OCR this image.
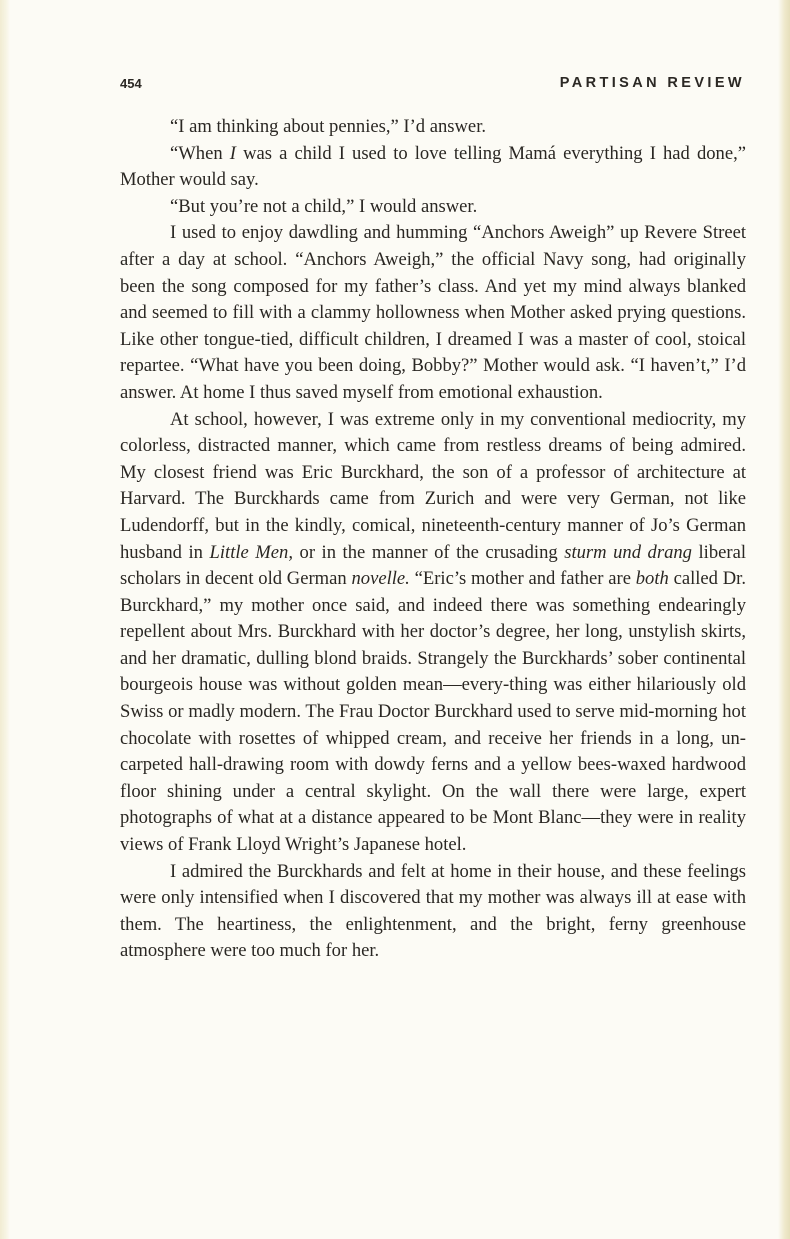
454	PARTISAN REVIEW

“I am thinking about pennies,” I’d answer.

“When I was a child I used to love telling Mamá everything I had done,” Mother would say.

“But you’re not a child,” I would answer.

I used to enjoy dawdling and humming “Anchors Aweigh” up Revere Street after a day at school. “Anchors Aweigh,” the official Navy song, had originally been the song composed for my father’s class. And yet my mind always blanked and seemed to fill with a clammy hollowness when Mother asked prying questions. Like other tongue-tied, difficult children, I dreamed I was a master of cool, stoical repartee. “What have you been doing, Bobby?” Mother would ask. “I haven’t,” I’d answer. At home I thus saved myself from emotional exhaustion.

At school, however, I was extreme only in my conventional mediocrity, my colorless, distracted manner, which came from restless dreams of being admired. My closest friend was Eric Burckhard, the son of a professor of architecture at Harvard. The Burckhards came from Zurich and were very German, not like Ludendorff, but in the kindly, comical, nineteenth-century manner of Jo’s German husband in Little Men, or in the manner of the crusading sturm und drang liberal scholars in decent old German novelle. “Eric’s mother and father are both called Dr. Burckhard,” my mother once said, and indeed there was something endearingly repellent about Mrs. Burckhard with her doctor’s degree, her long, unstylish skirts, and her dramatic, dulling blond braids. Strangely the Burckhards’ sober continental bourgeois house was without golden mean—every-thing was either hilariously old Swiss or madly modern. The Frau Doctor Burckhard used to serve mid-morning hot chocolate with rosettes of whipped cream, and receive her friends in a long, un-carpeted hall-drawing room with dowdy ferns and a yellow bees-waxed hardwood floor shining under a central skylight. On the wall there were large, expert photographs of what at a distance appeared to be Mont Blanc—they were in reality views of Frank Lloyd Wright’s Japanese hotel.

I admired the Burckhards and felt at home in their house, and these feelings were only intensified when I discovered that my mother was always ill at ease with them. The heartiness, the enlightenment, and the bright, ferny greenhouse atmosphere were too much for her.
